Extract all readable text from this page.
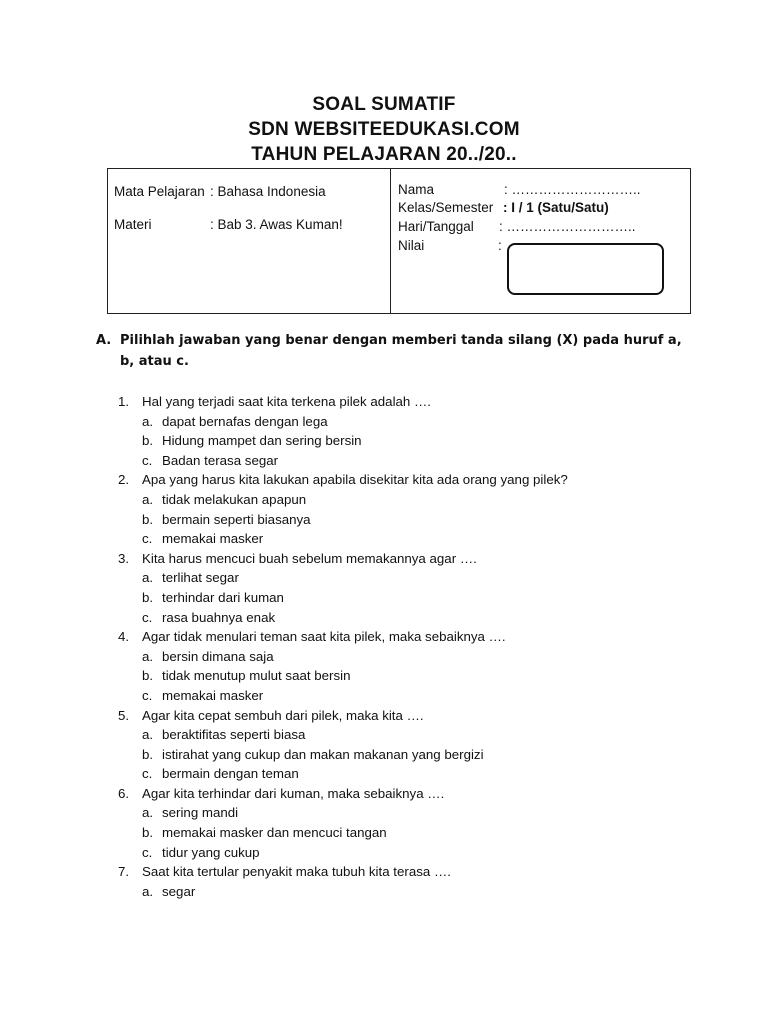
SOAL SUMATIF
SDN WEBSITEEDUKASI.COM
TAHUN PELAJARAN 20../20..
Mata Pelajaran : Bahasa Indonesia
Materi	: Bab 3. Awas Kuman!
Nama	: ………………………..
Kelas/Semester : I / 1 (Satu/Satu)
Hari/Tanggal : ………………………..
Nilai	:
A. Pilihlah jawaban yang benar dengan memberi tanda silang (X) pada huruf a, b, atau c.
1. Hal yang terjadi saat kita terkena pilek adalah ….
a. dapat bernafas dengan lega
b. Hidung mampet dan sering bersin
c. Badan terasa segar
2. Apa yang harus kita lakukan apabila disekitar kita ada orang yang pilek?
a. tidak melakukan apapun
b. bermain seperti biasanya
c. memakai masker
3. Kita harus mencuci buah sebelum memakannya agar ….
a. terlihat segar
b. terhindar dari kuman
c. rasa buahnya enak
4. Agar tidak menulari teman saat kita pilek, maka sebaiknya ….
a. bersin dimana saja
b. tidak menutup mulut saat bersin
c. memakai masker
5. Agar kita cepat sembuh dari pilek, maka kita ….
a. beraktifitas seperti biasa
b. istirahat yang cukup dan makan makanan yang bergizi
c. bermain dengan teman
6. Agar kita terhindar dari kuman, maka sebaiknya ….
a. sering mandi
b. memakai masker dan mencuci tangan
c. tidur yang cukup
7. Saat kita tertular penyakit maka tubuh kita terasa ….
a. segar
